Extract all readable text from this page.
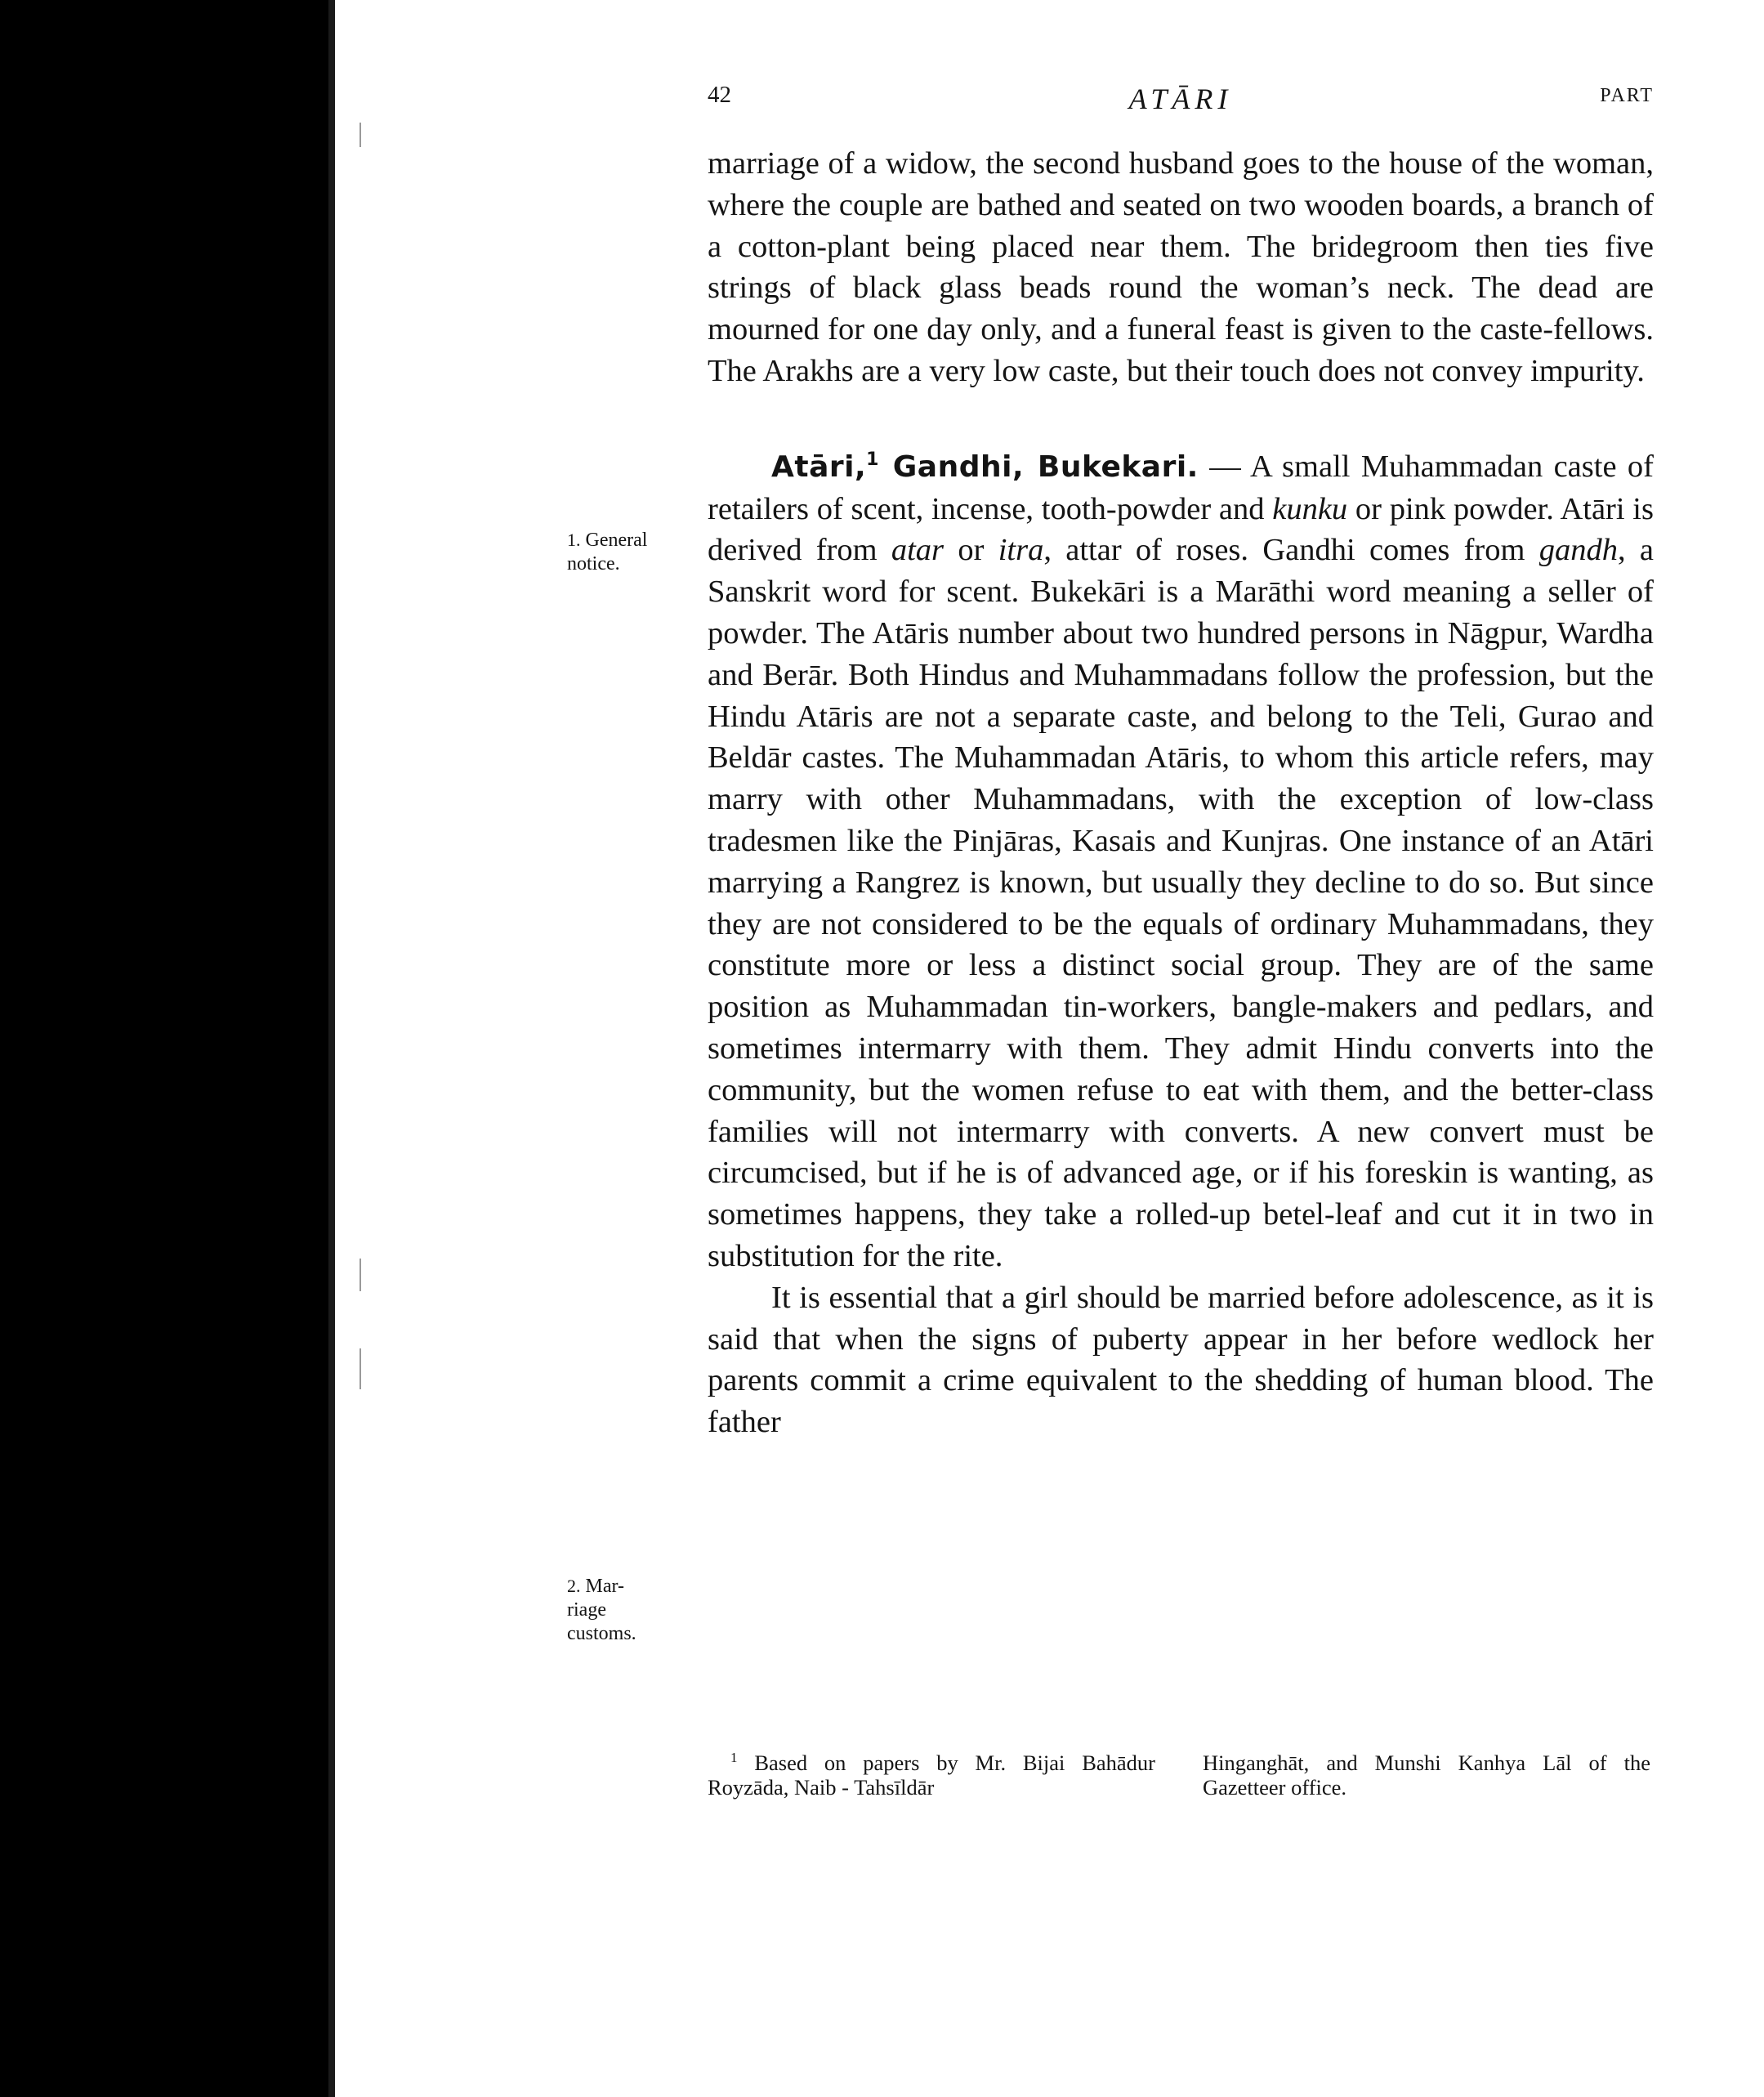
42	ATĀRI	PART

marriage of a widow, the second husband goes to the house of the woman, where the couple are bathed and seated on two wooden boards, a branch of a cotton-plant being placed near them. The bridegroom then ties five strings of black glass beads round the woman’s neck. The dead are mourned for one day only, and a funeral feast is given to the caste-fellows. The Arakhs are a very low caste, but their touch does not convey impurity.

Atāri,$^1$ Gandhi, Bukekari. — A small Muhammadan caste of retailers of scent, incense, tooth-powder and kunku or pink powder. Atāri is derived from atar or itra, attar of roses. Gandhi comes from gandh, a Sanskrit word for scent. Bukekāri is a Marāthi word meaning a seller of powder. The Atāris number about two hundred persons in Nāgpur, Wardha and Berār. Both Hindus and Muhammadans follow the profession, but the Hindu Atāris are not a separate caste, and belong to the Teli, Gurao and Beldār castes. The Muhammadan Atāris, to whom this article refers, may marry with other Muhammadans, with the exception of low-class tradesmen like the Pinjāras, Kasais and Kunjras. One instance of an Atāri marrying a Rangrez is known, but usually they decline to do so. But since they are not considered to be the equals of ordinary Muhammadans, they constitute more or less a distinct social group. They are of the same position as Muhammadan tin-workers, bangle-makers and pedlars, and sometimes intermarry with them. They admit Hindu converts into the community, but the women refuse to eat with them, and the better-class families will not intermarry with converts. A new convert must be circumcised, but if he is of advanced age, or if his foreskin is wanting, as sometimes happens, they take a rolled-up betel-leaf and cut it in two in substitution for the rite.

It is essential that a girl should be married before adolescence, as it is said that when the signs of puberty appear in her before wedlock her parents commit a crime equivalent to the shedding of human blood. The father

1. General
notice.
2. Mar-
riage
customs.
$^1$ Based on papers by Mr. Bijai Bahādur Royzāda, Naib - Tahsīldār
Hinganghāt, and Munshi Kanhya Lāl of the Gazetteer office.
